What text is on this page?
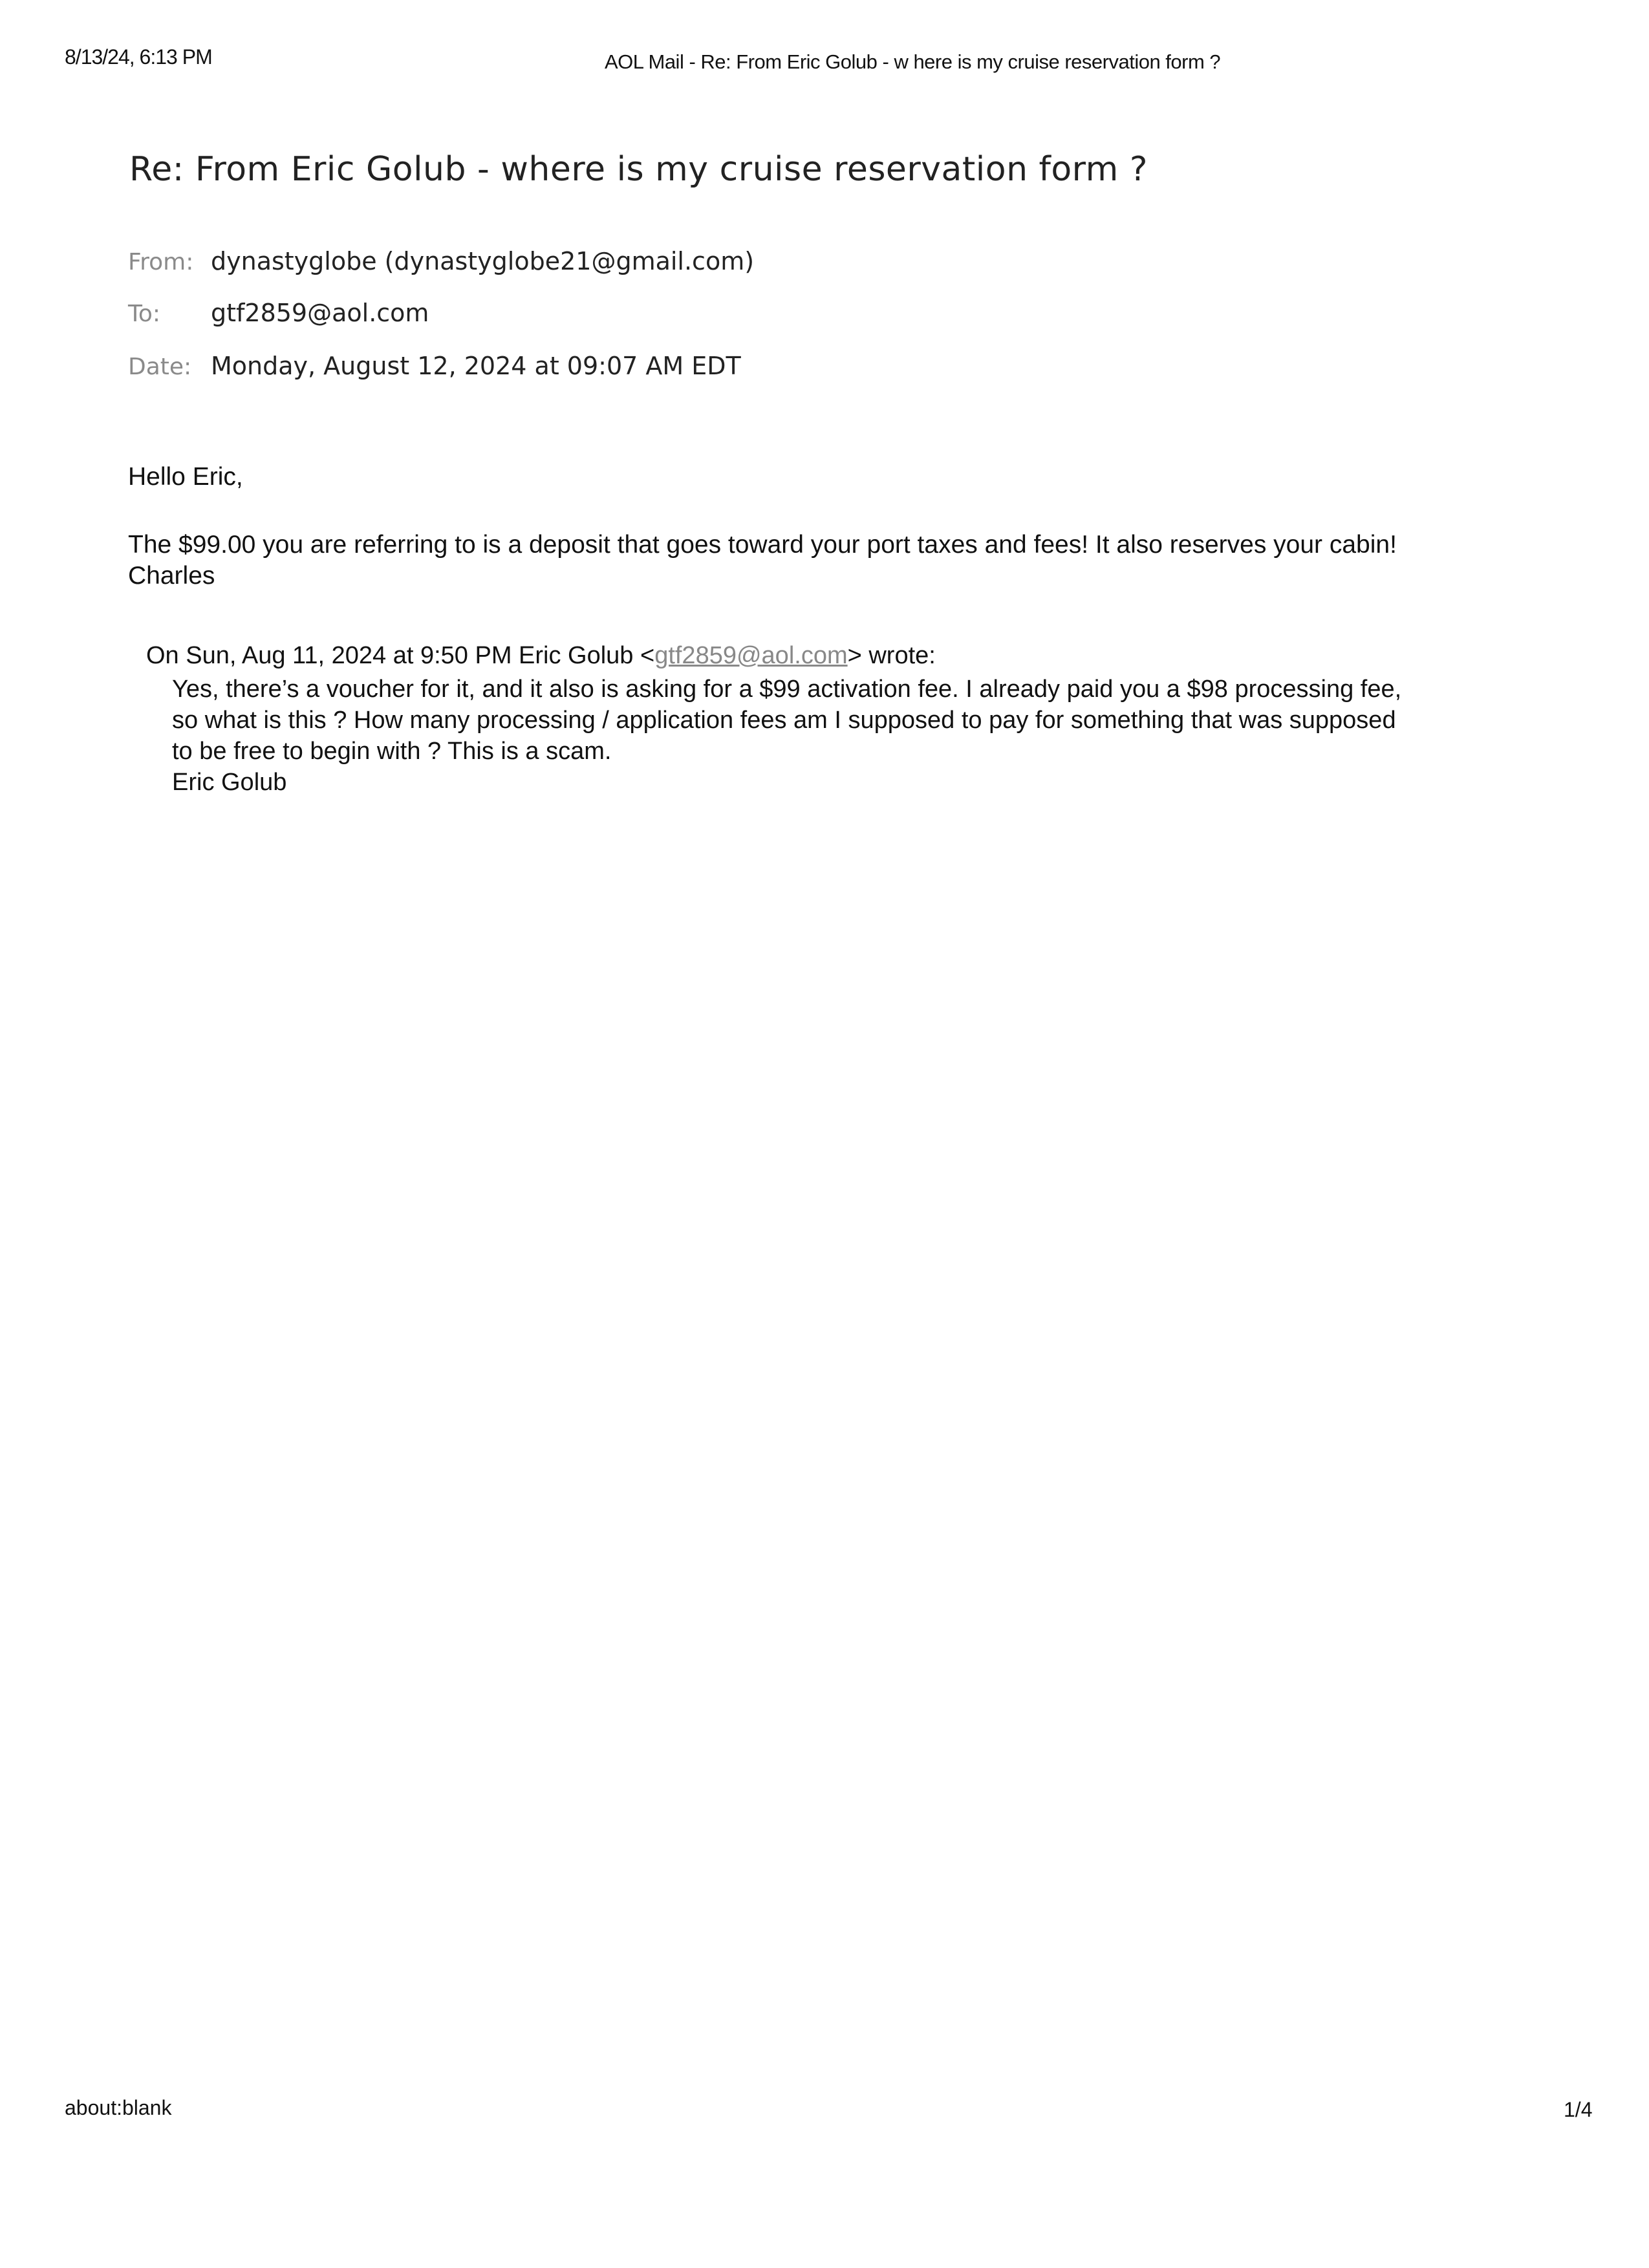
8/13/24, 6:13 PM	AOL Mail - Re: From Eric Golub - w here is my cruise reservation form ?
Re: From Eric Golub - where is my cruise reservation form ?
From: dynastyglobe (dynastyglobe21@gmail.com)
To: gtf2859@aol.com
Date: Monday, August 12, 2024 at 09:07 AM EDT
Hello Eric,
The $99.00 you are referring to is a deposit that goes toward your port taxes and fees! It also reserves your cabin!
Charles
On Sun, Aug 11, 2024 at 9:50 PM Eric Golub <gtf2859@aol.com> wrote:
Yes, there’s a voucher for it, and it also is asking for a $99 activation fee. I already paid you a $98 processing fee,
so what is this ? How many processing / application fees am I supposed to pay for something that was supposed
to be free to begin with ? This is a scam.
Eric Golub
about:blank	1/4
